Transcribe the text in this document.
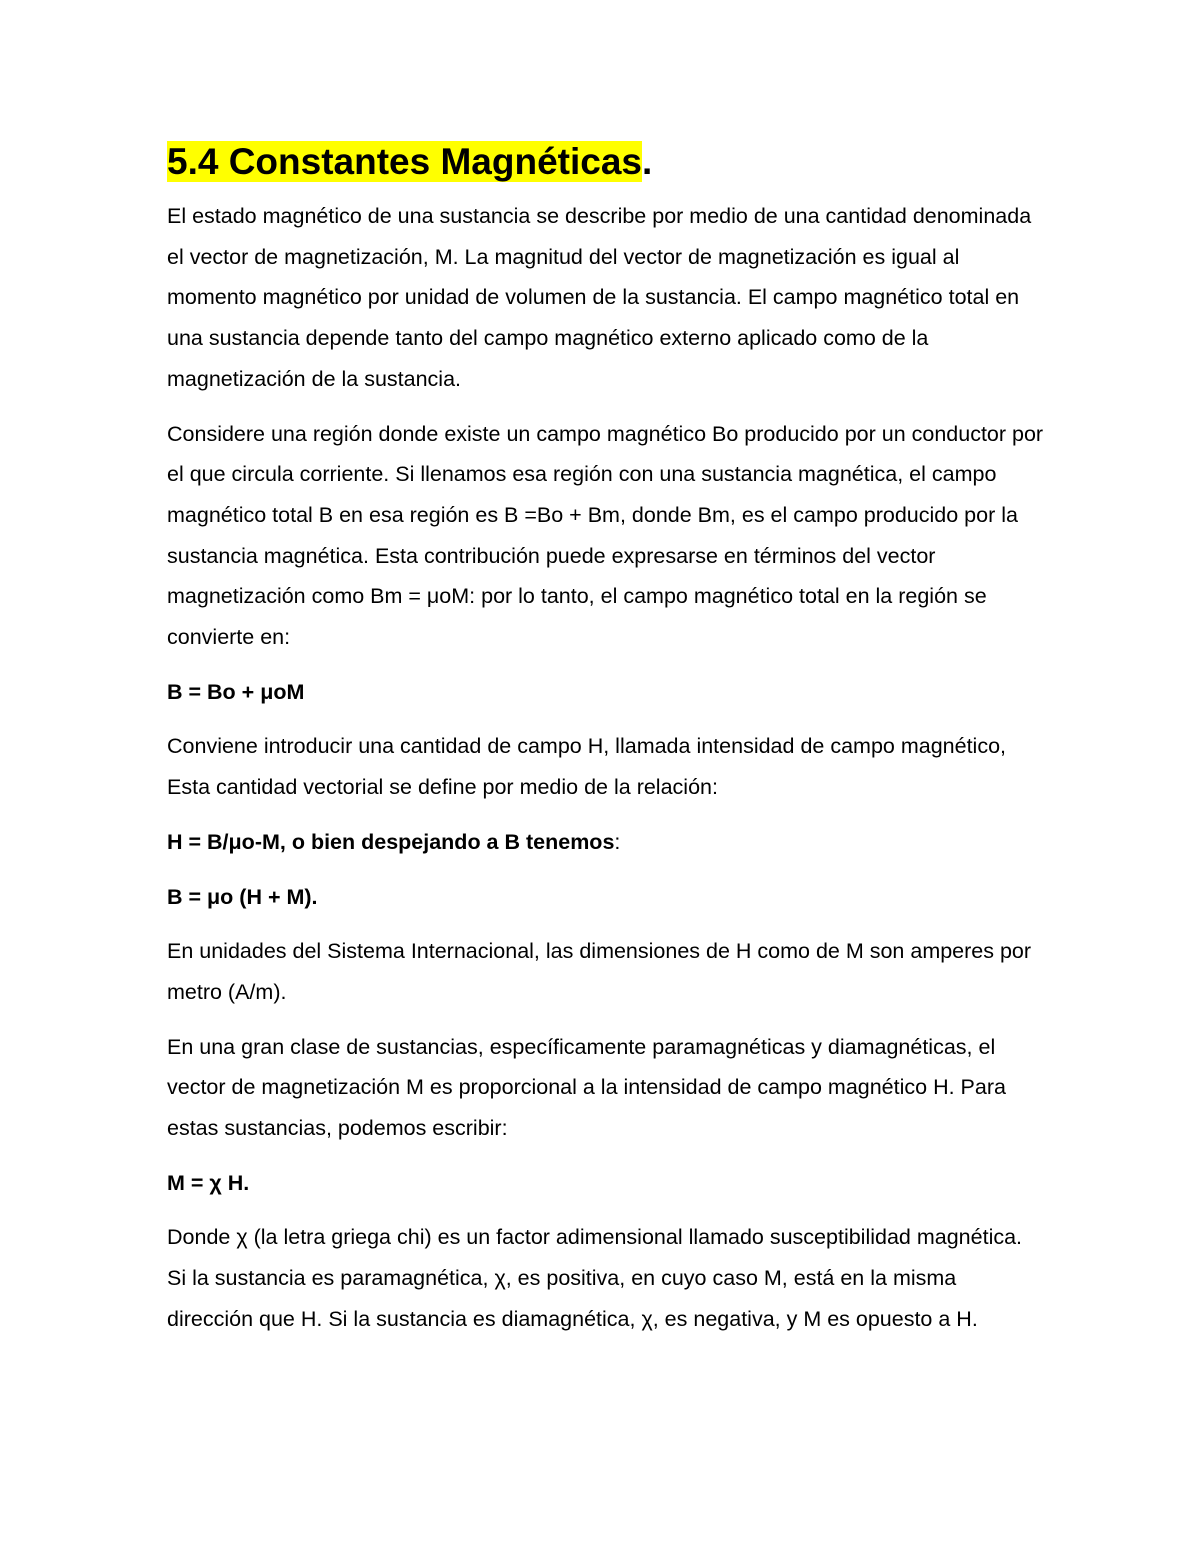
5.4 Constantes Magnéticas.

El estado magnético de una sustancia se describe por medio de una cantidad denominada el vector de magnetización, M. La magnitud del vector de magnetización es igual al momento magnético por unidad de volumen de la sustancia. El campo magnético total en una sustancia depende tanto del campo magnético externo aplicado como de la magnetización de la sustancia.

Considere una región donde existe un campo magnético Bo producido por un conductor por el que circula corriente. Si llenamos esa región con una sustancia magnética, el campo magnético total B en esa región es B =Bo + Bm, donde Bm, es el campo producido por la sustancia magnética. Esta contribución puede expresarse en términos del vector magnetización como Bm = μoM: por lo tanto, el campo magnético total en la región se convierte en:

B = Bo + μoM

Conviene introducir una cantidad de campo H, llamada intensidad de campo magnético, Esta cantidad vectorial se define por medio de la relación:

H = B/μo-M, o bien despejando a B tenemos:

B = μo (H + M).

En unidades del Sistema Internacional, las dimensiones de H como de M son amperes por metro (A/m).

En una gran clase de sustancias, específicamente paramagnéticas y diamagnéticas, el vector de magnetización M es proporcional a la intensidad de campo magnético H. Para estas sustancias, podemos escribir:

M = χ H.

Donde χ (la letra griega chi) es un factor adimensional llamado susceptibilidad magnética. Si la sustancia es paramagnética, χ, es positiva, en cuyo caso M, está en la misma dirección que H. Si la sustancia es diamagnética, χ, es negativa, y M es opuesto a H.
